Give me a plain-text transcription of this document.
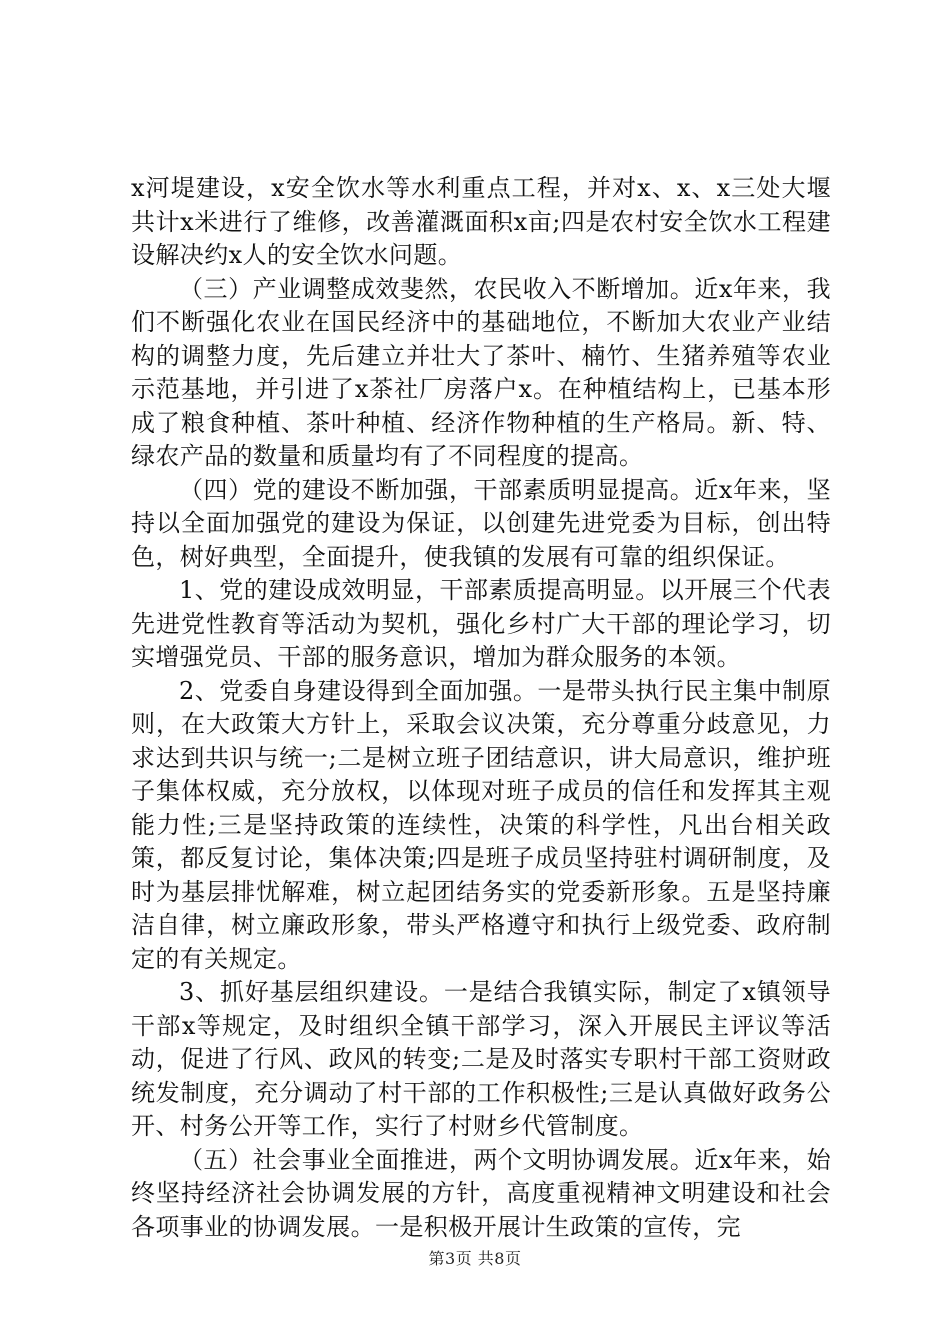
x河堤建设，x安全饮水等水利重点工程，并对x、x、x三处大堰共计x米进行了维修，改善灌溉面积x亩;四是农村安全饮水工程建设解决约x人的安全饮水问题。

（三）产业调整成效斐然，农民收入不断增加。近x年来，我们不断强化农业在国民经济中的基础地位，不断加大农业产业结构的调整力度，先后建立并壮大了茶叶、楠竹、生猪养殖等农业示范基地，并引进了x茶社厂房落户x。在种植结构上，已基本形成了粮食种植、茶叶种植、经济作物种植的生产格局。新、特、绿农产品的数量和质量均有了不同程度的提高。

（四）党的建设不断加强，干部素质明显提高。近x年来，坚持以全面加强党的建设为保证，以创建先进党委为目标，创出特色，树好典型，全面提升，使我镇的发展有可靠的组织保证。

1、党的建设成效明显，干部素质提高明显。以开展三个代表先进党性教育等活动为契机，强化乡村广大干部的理论学习，切实增强党员、干部的服务意识，增加为群众服务的本领。

2、党委自身建设得到全面加强。一是带头执行民主集中制原则，在大政策大方针上，采取会议决策，充分尊重分歧意见，力求达到共识与统一;二是树立班子团结意识，讲大局意识，维护班子集体权威，充分放权，以体现对班子成员的信任和发挥其主观能力性;三是坚持政策的连续性，决策的科学性，凡出台相关政策，都反复讨论，集体决策;四是班子成员坚持驻村调研制度，及时为基层排忧解难，树立起团结务实的党委新形象。五是坚持廉洁自律，树立廉政形象，带头严格遵守和执行上级党委、政府制定的有关规定。

3、抓好基层组织建设。一是结合我镇实际，制定了x镇领导干部x等规定，及时组织全镇干部学习，深入开展民主评议等活动，促进了行风、政风的转变;二是及时落实专职村干部工资财政统发制度，充分调动了村干部的工作积极性;三是认真做好政务公开、村务公开等工作，实行了村财乡代管制度。

（五）社会事业全面推进，两个文明协调发展。近x年来，始终坚持经济社会协调发展的方针，高度重视精神文明建设和社会各项事业的协调发展。一是积极开展计生政策的宣传，完

第3页 共8页
